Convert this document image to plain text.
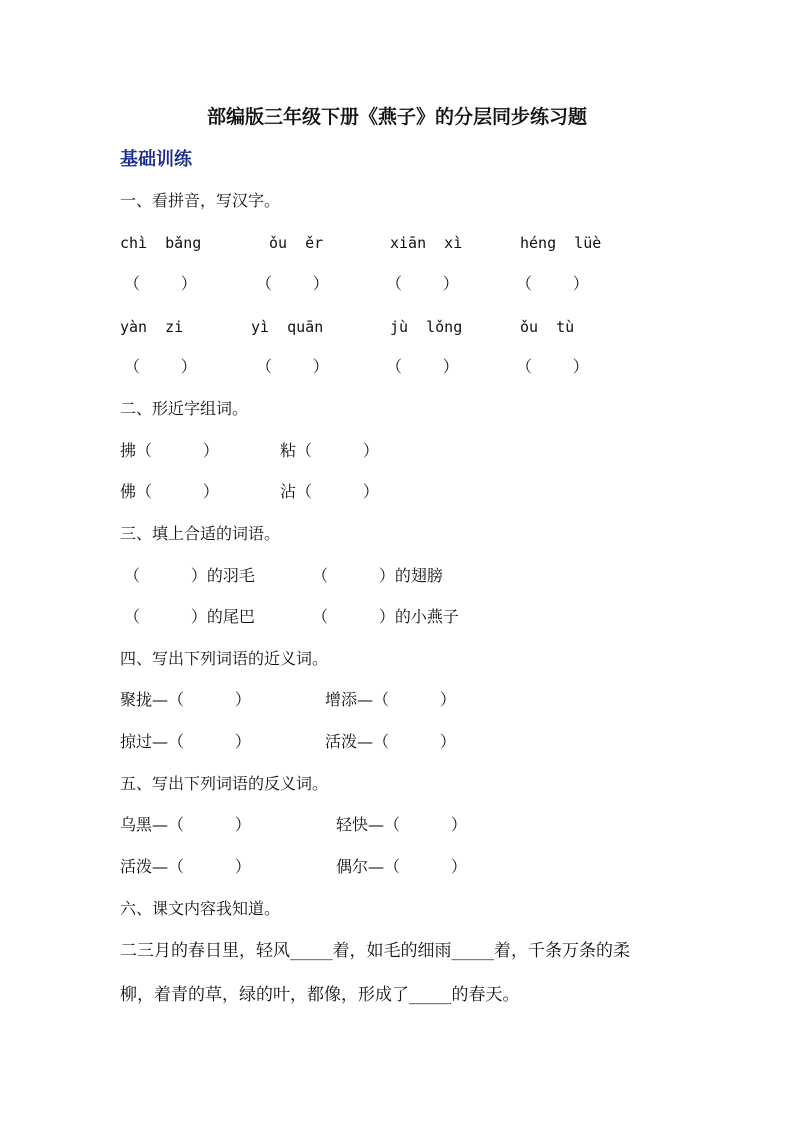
部编版三年级下册《燕子》的分层同步练习题
基础训练
一、看拼音，写汉字。
chì  bǎng	ǒu  ěr	xiān  xì	héng  lüè
（        ）	（        ）	（        ）	（        ）
yàn  zi	yì  quān	jù  lǒng	ǒu  tù
（        ）	（        ）	（        ）	（        ）
二、形近字组词。
拂（          ）	粘（          ）
佛（          ）	沾（          ）
三、填上合适的词语。
（          ）的羽毛	（          ）的翅膀
（          ）的尾巴	（          ）的小燕子
四、写出下列词语的近义词。
聚拢—（          ）	增添—（          ）
掠过—（          ）	活泼—（          ）
五、写出下列词语的反义词。
乌黑—（          ）	轻快—（          ）
活泼—（          ）	偶尔—（          ）
六、课文内容我知道。
二三月的春日里，轻风_____着，如毛的细雨_____着，千条万条的柔
柳，着青的草，绿的叶，都像，形成了_____的春天。
